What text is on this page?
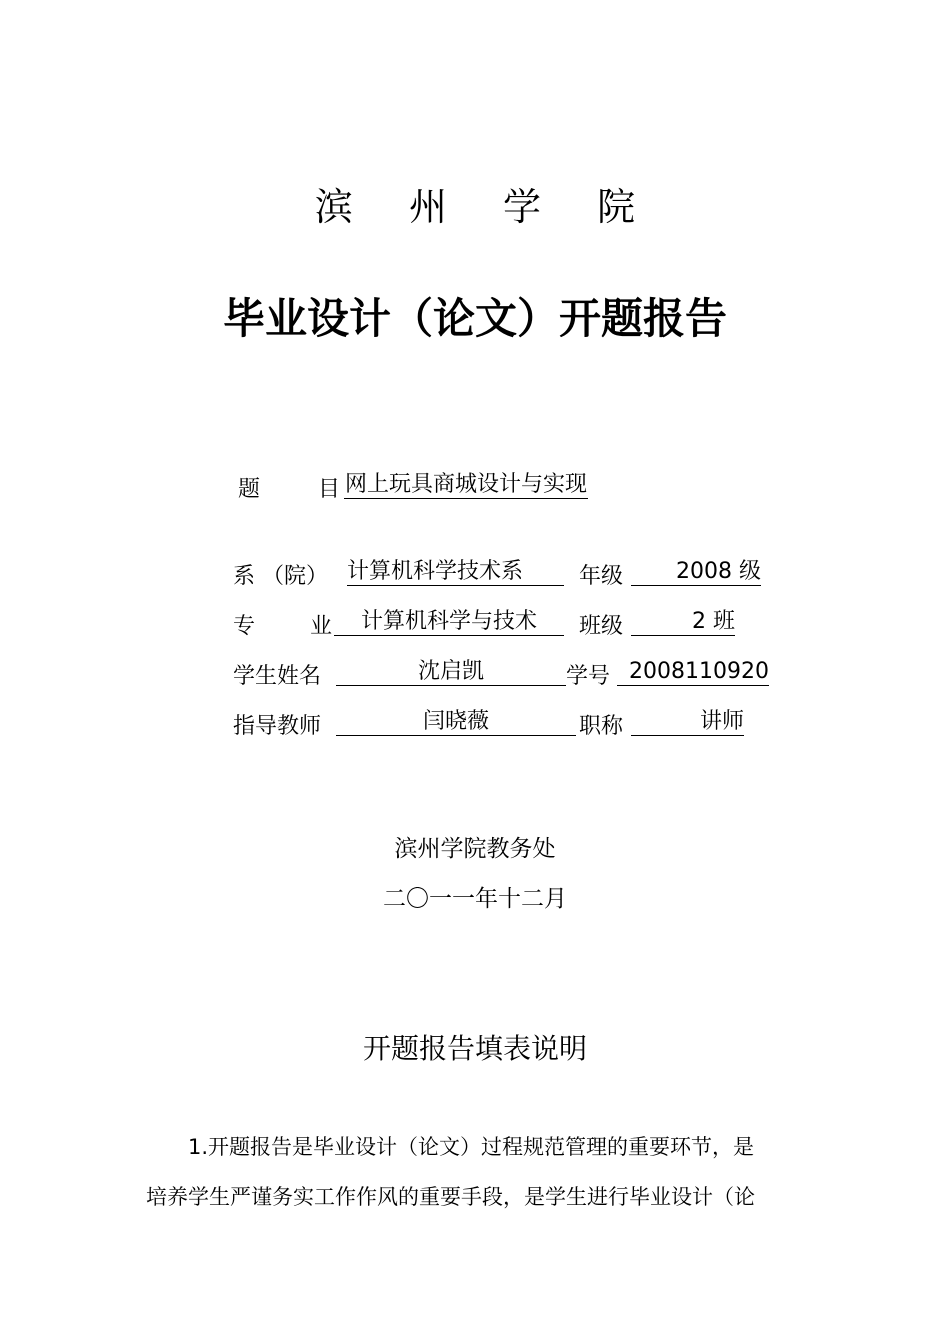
滨 州 学 院
毕业设计（论文）开题报告
题	目 网上玩具商城设计与实现
系 （院） 计算机科学技术系	年级	2008 级
专 业	计算机科学与技术	班级	2 班
学生姓名	沈启凯	学号 2008110920
指导教师	闫晓薇	职称	讲师
滨州学院教务处
二〇一一年十二月
开题报告填表说明
1.开题报告是毕业设计（论文）过程规范管理的重要环节，是
培养学生严谨务实工作作风的重要手段，是学生进行毕业设计（论
